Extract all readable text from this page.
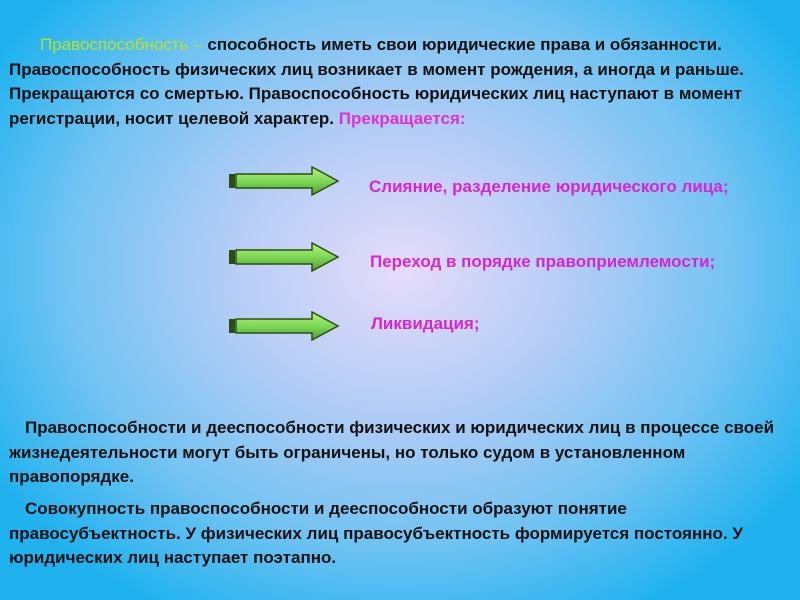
Правоспособность – способность иметь свои юридические права и обязанности. Правоспособность физических лиц возникает в момент рождения, а иногда и раньше. Прекращаются со смертью. Правоспособность юридических лиц наступают в момент регистрации, носит целевой характер. Прекращается:

Слияние, разделение юридического лица;
Переход в порядке правоприемлемости;
Ликвидация;

Правоспособности и дееспособности физических и юридических лиц в процессе своей жизнедеятельности могут быть ограничены, но только судом в установленном правопорядке.

Совокупность правоспособности и дееспособности образуют понятие правосубъектность. У физических лиц правосубъектность формируется постоянно. У юридических лиц наступает поэтапно.
